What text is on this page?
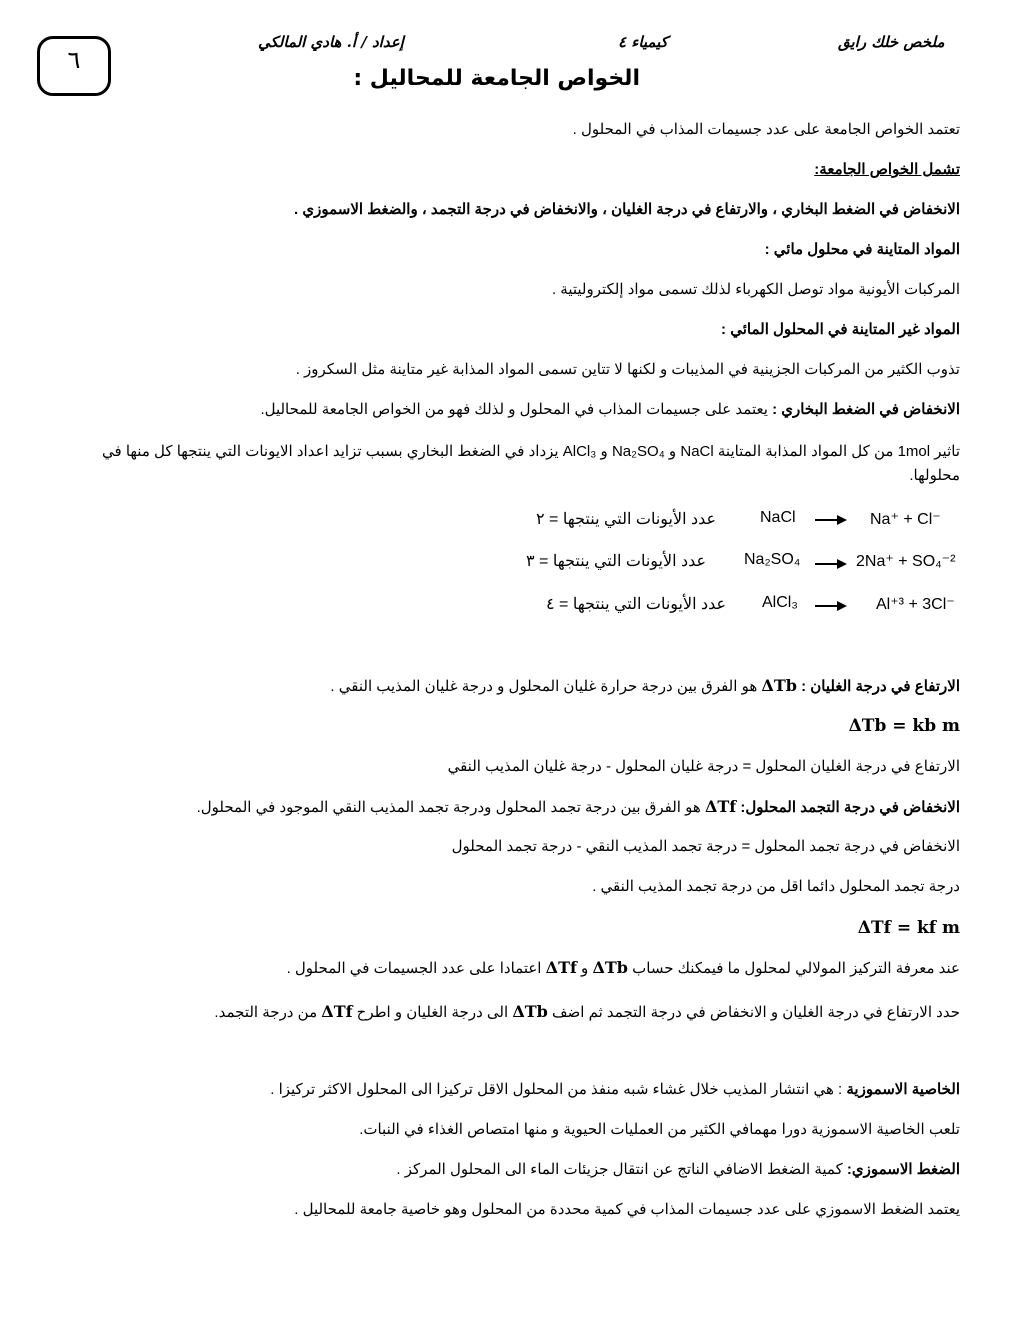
٦
إعداد / أ. هادي المالكي	كيمياء ٤	ملخص خلك رايق
الخواص الجامعة للمحاليل :
تعتمد الخواص الجامعة على عدد جسيمات المذاب في المحلول .
تشمل الخواص الجامعة:
الانخفاض في الضغط البخاري ، والارتفاع في درجة الغليان ، والانخفاض في درجة التجمد ، والضغط الاسموزي .
المواد المتاينة في محلول مائي :
المركبات الأيونية مواد توصل الكهرباء لذلك تسمى مواد إلكتروليتية .
المواد غير المتاينة في المحلول المائي :
تذوب الكثير من المركبات الجزينية في المذيبات و لكنها لا تتاين تسمى المواد المذابة غير متاينة مثل السكروز .
الانخفاض في الضغط البخاري : يعتمد على جسيمات المذاب في المحلول و لذلك فهو من الخواص الجامعة للمحاليل.
تاثير 1mol من كل المواد المذابة المتاينة NaCl و Na₂SO₄ و AlCl₃ يزداد في الضغط البخاري بسبب تزايد اعداد الايونات التي ينتجها كل منها في محلولها.
عدد الأيونات التي ينتجها = ٢	NaCl → Na⁺ + Cl⁻
عدد الأيونات التي ينتجها = ٣ Na₂SO₄ → 2Na⁺ + SO₄⁻²
عدد الأيونات التي ينتجها = ٤ AlCl₃ → Al⁺³ + 3Cl⁻
الارتفاع في درجة الغليان : ΔTb هو الفرق بين درجة حرارة غليان المحلول و درجة غليان المذيب النقي .
ΔTb = kb m
الارتفاع في درجة الغليان المحلول = درجة غليان المحلول - درجة غليان المذيب النقي
الانخفاض في درجة التجمد المحلول: ΔTf هو الفرق بين درجة تجمد المحلول ودرجة تجمد المذيب النقي الموجود في المحلول.
الانخفاض في درجة تجمد المحلول = درجة تجمد المذيب النقي - درجة تجمد المحلول
درجة تجمد المحلول دائما اقل من درجة تجمد المذيب النقي .
ΔTf = kf m
عند معرفة التركيز المولالي لمحلول ما فيمكنك حساب ΔTb و ΔTf اعتمادا على عدد الجسيمات في المحلول .
حدد الارتفاع في درجة الغليان و الانخفاض في درجة التجمد ثم اضف ΔTb الى درجة الغليان و اطرح ΔTf من درجة التجمد.
الخاصية الاسموزية : هي انتشار المذيب خلال غشاء شبه منفذ من المحلول الاقل تركيزا الى المحلول الاكثر تركيزا .
تلعب الخاصية الاسموزية دورا مهمافي الكثير من العمليات الحيوية و منها امتصاص الغذاء في النبات.
الضغط الاسموزي: كمية الضغط الاضافي الناتج عن انتقال جزيئات الماء الى المحلول المركز .
يعتمد الضغط الاسموزي على عدد جسيمات المذاب في كمية محددة من المحلول وهو خاصية جامعة للمحاليل .
